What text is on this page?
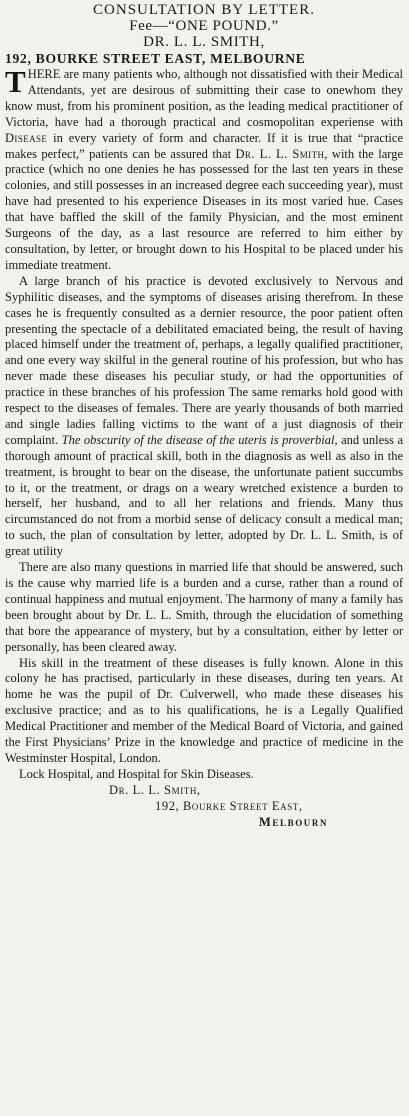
CONSULTATION BY LETTER.
Fee—“ONE POUND.”
DR. L. L. SMITH,
192, BOURKE STREET EAST, MELBOURNE

THERE are many patients who, although not dissatisfied with their Medical Attendants, yet are desirous of submitting their case to onewhom they know must, from his prominent position, as the leading medical practitioner of Victoria, have had a thorough practical and cosmopolitan experiense with Disease in every variety of form and character. If it is true that “practice makes perfect,” patients can be assured that Dr. L. L. Smith, with the large practice (which no one denies he has possessed for the last ten years in these colonies, and still possesses in an increased degree each succeeding year), must have had presented to his experience Diseases in its most varied hue. Cases that have baffled the skill of the family Physician, and the most eminent Surgeons of the day, as a last resource are referred to him either by consultation, by letter, or brought down to his Hospital to be placed under his immediate treatment.

A large branch of his practice is devoted exclusively to Nervous and Syphilitic diseases, and the symptoms of diseases arising therefrom. In these cases he is frequently consulted as a dernier resource, the poor patient often presenting the spectacle of a debilitated emaciated being, the result of having placed himself under the treatment of, perhaps, a legally qualified practitioner, and one every way skilful in the general routine of his profession, but who has never made these diseases his peculiar study, or had the opportunities of practice in these branches of his profession The same remarks hold good with respect to the diseases of females. There are yearly thousands of both married and single ladies falling victims to the want of a just diagnosis of their complaint. The obscurity of the disease of the uteris is proverbial, and unless a thorough amount of practical skill, both in the diagnosis as well as also in the treatment, is brought to bear on the disease, the unfortunate patient succumbs to it, or the treatment, or drags on a weary wretched existence a burden to herself, her husband, and to all her relations and friends. Many thus circumstanced do not from a morbid sense of delicacy consult a medical man; to such, the plan of consultation by letter, adopted by Dr. L. L. Smith, is of great utility

There are also many questions in married life that should be answered, such is the cause why married life is a burden and a curse, rather than a round of continual happiness and mutual enjoyment. The harmony of many a family has been brought about by Dr. L. L. Smith, through the elucidation of something that bore the appearance of mystery, but by a consultation, either by letter or personally, has been cleared away.

His skill in the treatment of these diseases is fully known. Alone in this colony he has practised, particularly in these diseases, during ten years. At home he was the pupil of Dr. Culverwell, who made these diseases his exclusive practice; and as to his qualifications, he is a Legally Qualified Medical Practitioner and member of the Medical Board of Victoria, and gained the First Physicians’ Prize in the knowledge and practice of medicine in the Westminster Hospital, London.

Lock Hospital, and Hospital for Skin Diseases.
Dr. L. L. Smith,
192, Bourke Street East,
Melbourn
